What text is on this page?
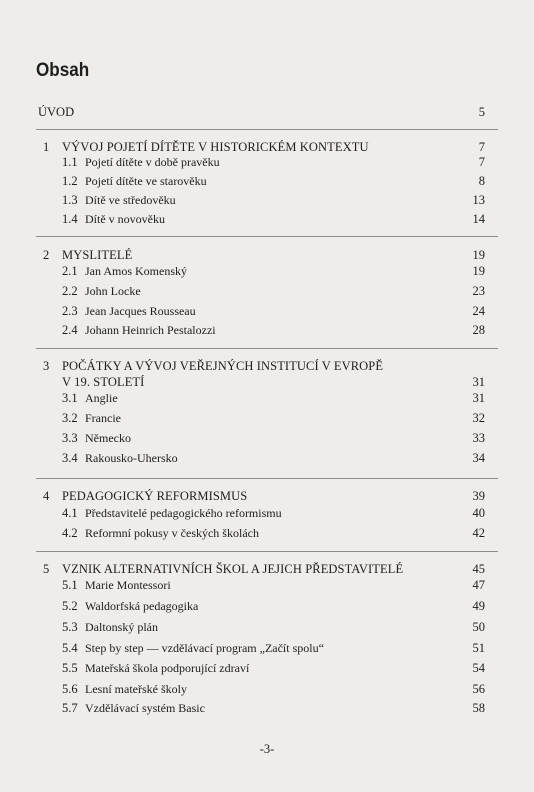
Obsah
ÚVOD	5
1 VÝVOJ POJETÍ DÍTĚTE V HISTORICKÉM KONTEXTU	7
1.1 Pojetí dítěte v době pravěku	7
1.2 Pojetí dítěte ve starověku	8
1.3 Dítě ve středověku	13
1.4 Dítě v novověku	14
2 MYSLITELÉ	19
2.1 Jan Amos Komenský	19
2.2 John Locke	23
2.3 Jean Jacques Rousseau	24
2.4 Johann Heinrich Pestalozzi	28
3 POČÁTKY A VÝVOJ VEŘEJNÝCH INSTITUCÍ V EVROPĚ
V 19. STOLETÍ	31
3.1 Anglie	31
3.2 Francie	32
3.3 Německo	33
3.4 Rakousko-Uhersko	34
4 PEDAGOGICKÝ REFORMISMUS	39
4.1 Představitelé pedagogického reformismu	40
4.2 Reformní pokusy v českých školách	42
5 VZNIK ALTERNATIVNÍCH ŠKOL A JEJICH PŘEDSTAVITELÉ	45
5.1 Marie Montessori	47
5.2 Waldorfská pedagogika	49
5.3 Daltonský plán	50
5.4 Step by step — vzdělávací program „Začít spolu“	51
5.5 Mateřská škola podporující zdraví	54
5.6 Lesní mateřské školy	56
5.7 Vzdělávací systém Basic	58
-3-
